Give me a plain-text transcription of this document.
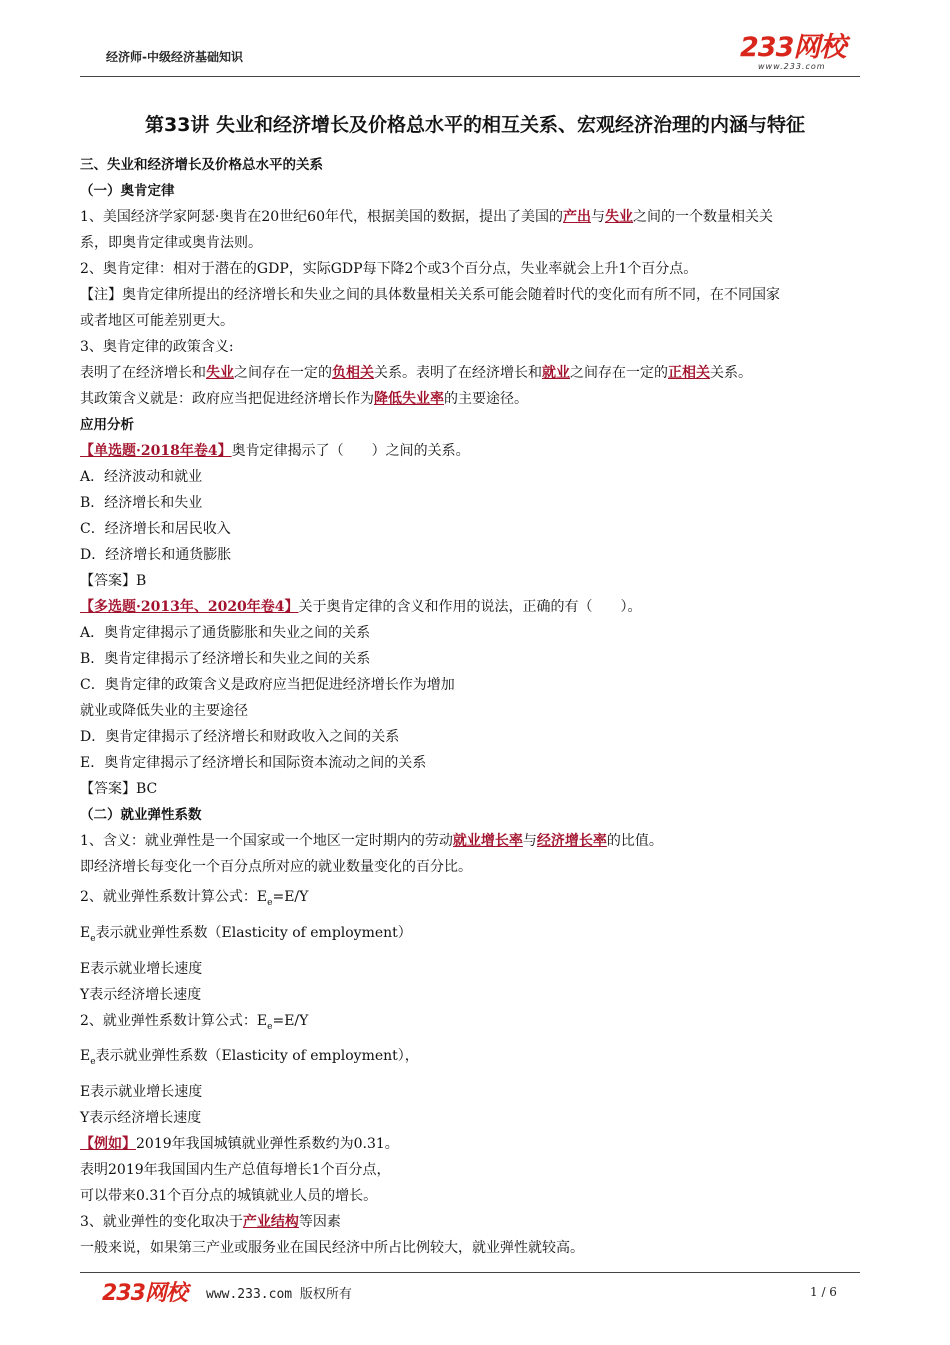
经济师-中级经济基础知识	233网校
www.233.com
第33讲 失业和经济增长及价格总水平的相互关系、宏观经济治理的内涵与特征

三、失业和经济增长及价格总水平的关系

（一）奥肯定律

1、美国经济学家阿瑟·奥肯在20世纪60年代，根据美国的数据，提出了美国的产出与失业之间的一个数量相关关

系，即奥肯定律或奥肯法则。

2、奥肯定律：相对于潜在的GDP，实际GDP每下降2个或3个百分点，失业率就会上升1个百分点。

【注】奥肯定律所提出的经济增长和失业之间的具体数量相关关系可能会随着时代的变化而有所不同，在不同国家

或者地区可能差别更大。

3、奥肯定律的政策含义:

表明了在经济增长和失业之间存在一定的负相关关系。表明了在经济增长和就业之间存在一定的正相关关系。

其政策含义就是：政府应当把促进经济增长作为降低失业率的主要途径。

应用分析

【单选题·2018年卷4】奥肯定律揭示了（　　）之间的关系。

A．经济波动和就业

B．经济增长和失业

C．经济增长和居民收入

D．经济增长和通货膨胀

【答案】B

【多选题·2013年、2020年卷4】关于奥肯定律的含义和作用的说法，正确的有（　　）。

A．奥肯定律揭示了通货膨胀和失业之间的关系

B．奥肯定律揭示了经济增长和失业之间的关系

C．奥肯定律的政策含义是政府应当把促进经济增长作为增加

就业或降低失业的主要途径

D．奥肯定律揭示了经济增长和财政收入之间的关系

E．奥肯定律揭示了经济增长和国际资本流动之间的关系

【答案】BC

（二）就业弹性系数

1、含义：就业弹性是一个国家或一个地区一定时期内的劳动就业增长率与经济增长率的比值。

即经济增长每变化一个百分点所对应的就业数量变化的百分比。

2、就业弹性系数计算公式：$E_e=E/Y$

$E_e$表示就业弹性系数（Elasticity of employment）

E表示就业增长速度

Y表示经济增长速度

2、就业弹性系数计算公式：$E_e=E/Y$

$E_e$表示就业弹性系数（Elasticity of employment），

E表示就业增长速度

Y表示经济增长速度

【例如】2019年我国城镇就业弹性系数约为0.31。

表明2019年我国国内生产总值每增长1个百分点，

可以带来0.31个百分点的城镇就业人员的增长。

3、就业弹性的变化取决于产业结构等因素

一般来说，如果第三产业或服务业在国民经济中所占比例较大，就业弹性就较高。

233网校 www.233.com 版权所有	1 / 6
